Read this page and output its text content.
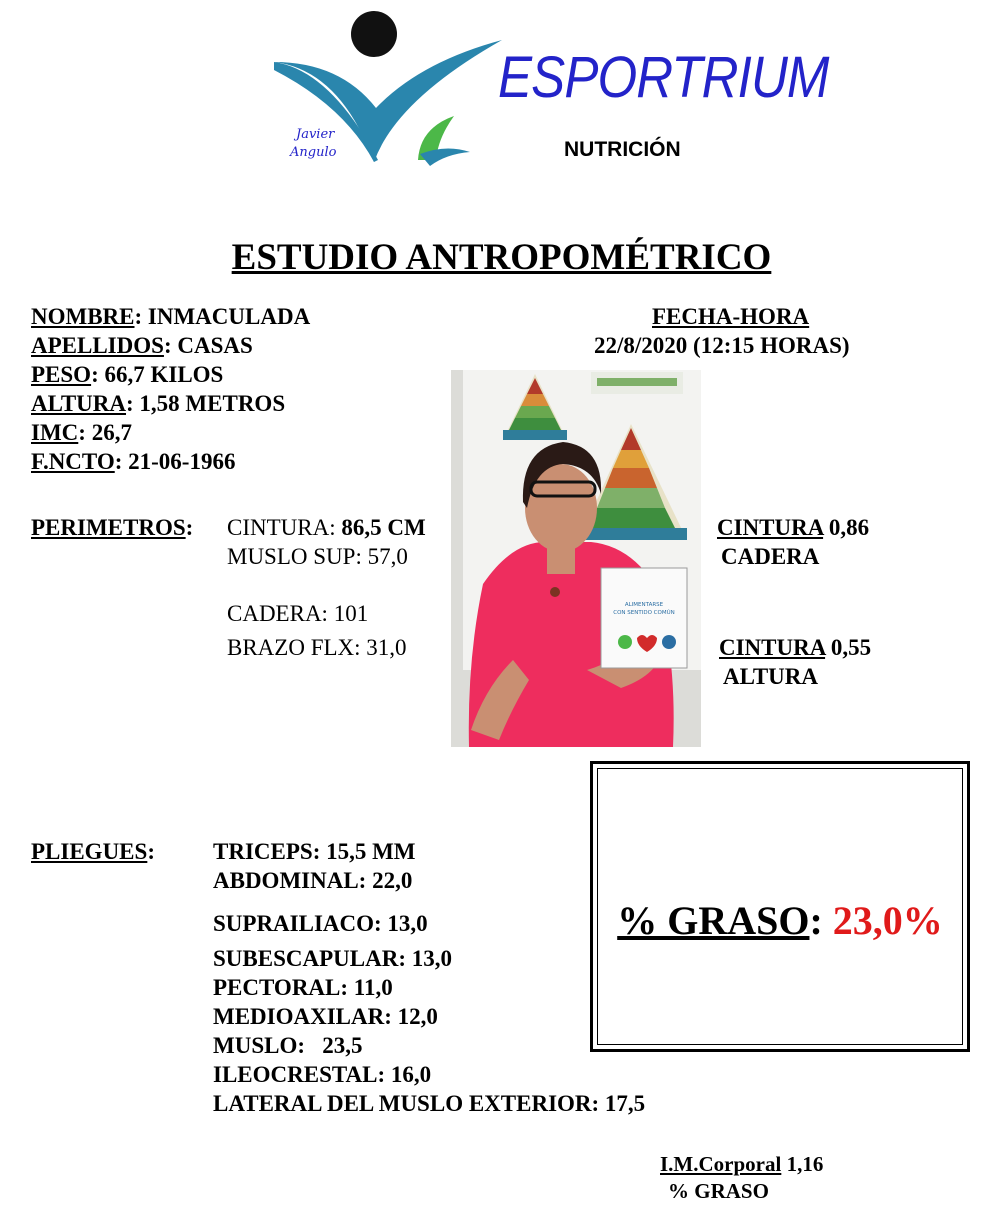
Javier
Angulo
ESPORTRIUM
NUTRICIÓN
ESTUDIO ANTROPOMÉTRICO
NOMBRE: INMACULADA
APELLIDOS: CASAS
PESO: 66,7 KILOS
ALTURA: 1,58 METROS
IMC: 26,7
F.NCTO: 21-06-1966
FECHA-HORA
22/8/2020 (12:15 HORAS)
ALIMENTARSE
CON SENTIDO COMÚN
PERIMETROS: CINTURA: 86,5 CM
MUSLO SUP: 57,0
CADERA: 101
BRAZO FLX: 31,0
CINTURA 0,86
CADERA
CINTURA 0,55
ALTURA
% GRASO: 23,0%
PLIEGUES:	TRICEPS: 15,5 MM
ABDOMINAL: 22,0
SUPRAILIACO: 13,0
SUBESCAPULAR: 13,0
PECTORAL: 11,0
MEDIOAXILAR: 12,0
MUSLO:   23,5
ILEOCRESTAL: 16,0
LATERAL DEL MUSLO EXTERIOR: 17,5
I.M.Corporal 1,16
% GRASO
